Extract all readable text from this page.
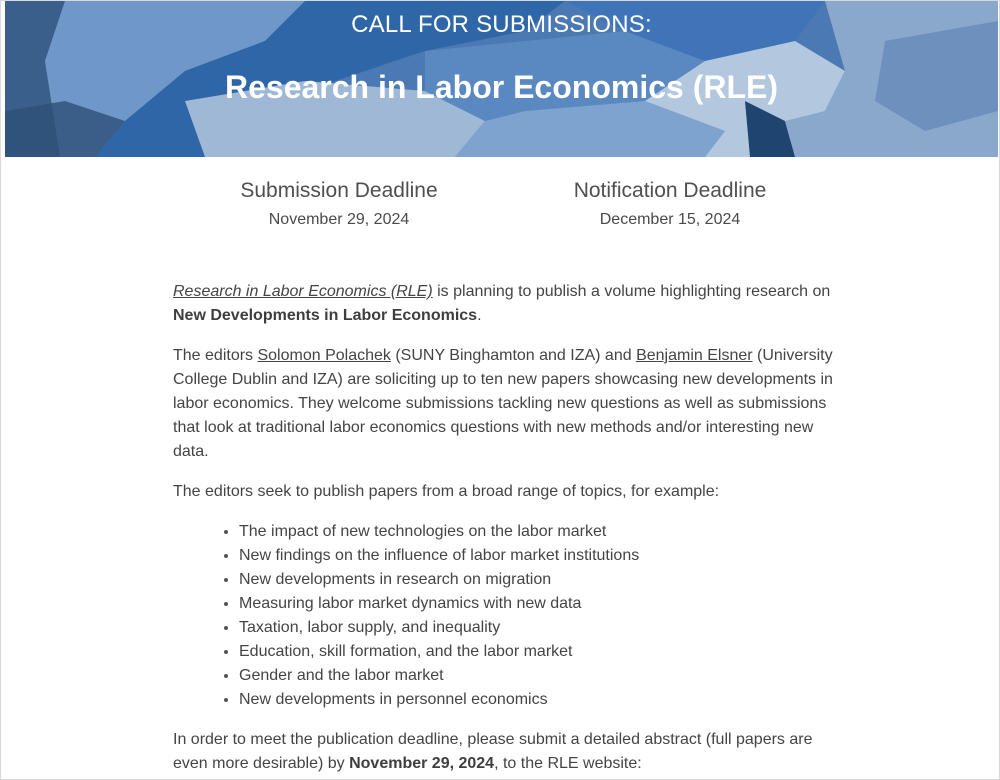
CALL FOR SUBMISSIONS:
Research in Labor Economics (RLE)
Submission Deadline
November 29, 2024
Notification Deadline
December 15, 2024

Research in Labor Economics (RLE) is planning to publish a volume highlighting research on New Developments in Labor Economics.

The editors Solomon Polachek (SUNY Binghamton and IZA) and Benjamin Elsner (University College Dublin and IZA) are soliciting up to ten new papers showcasing new developments in labor economics. They welcome submissions tackling new questions as well as submissions that look at traditional labor economics questions with new methods and/or interesting new data.

The editors seek to publish papers from a broad range of topics, for example:

• The impact of new technologies on the labor market
• New findings on the influence of labor market institutions
• New developments in research on migration
• Measuring labor market dynamics with new data
• Taxation, labor supply, and inequality
• Education, skill formation, and the labor market
• Gender and the labor market
• New developments in personnel economics

In order to meet the publication deadline, please submit a detailed abstract (full papers are even more desirable) by November 29, 2024, to the RLE website:
